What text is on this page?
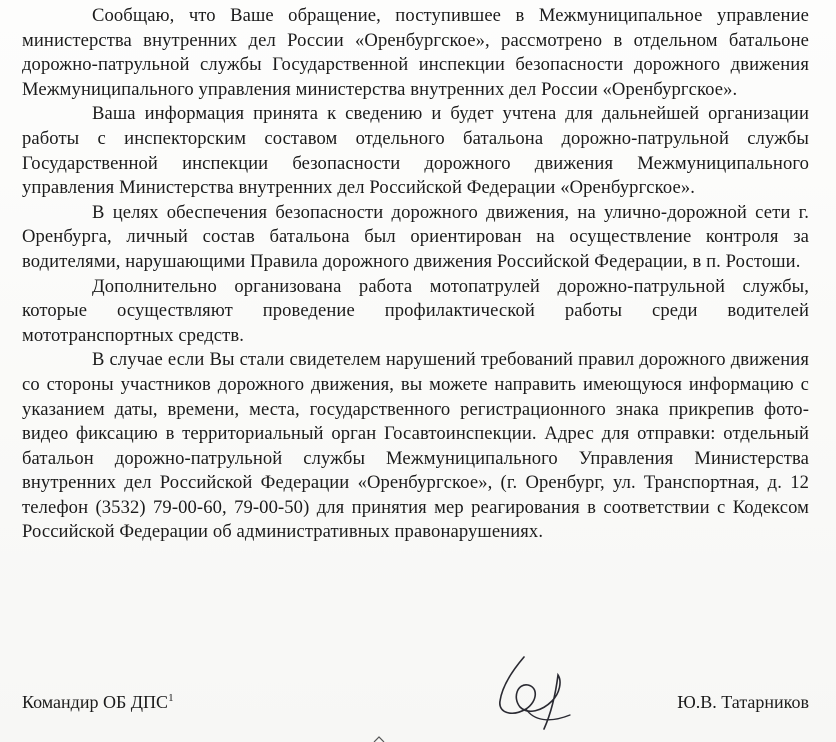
Сообщаю, что Ваше обращение, поступившее в Межмуниципальное управление министерства внутренних дел России «Оренбургское», рассмотрено в отдельном батальоне дорожно-патрульной службы Государственной инспекции безопасности дорожного движения Межмуниципального управления министерства внутренних дел России «Оренбургское».

Ваша информация принята к сведению и будет учтена для дальнейшей организации работы с инспекторским составом отдельного батальона дорожно-патрульной службы Государственной инспекции безопасности дорожного движения Межмуниципального управления Министерства внутренних дел Российской Федерации «Оренбургское».

В целях обеспечения безопасности дорожного движения, на улично-дорожной сети г. Оренбурга, личный состав батальона был ориентирован на осуществление контроля за водителями, нарушающими Правила дорожного движения Российской Федерации, в п. Ростоши.

Дополнительно организована работа мотопатрулей дорожно-патрульной службы, которые осуществляют проведение профилактической работы среди водителей мототранспортных средств.

В случае если Вы стали свидетелем нарушений требований правил дорожного движения со стороны участников дорожного движения, вы можете направить имеющуюся информацию с указанием даты, времени, места, государственного регистрационного знака прикрепив фото-видео фиксацию в территориальный орган Госавтоинспекции. Адрес для отправки: отдельный батальон дорожно-патрульной службы Межмуниципального Управления Министерства внутренних дел Российской Федерации «Оренбургское», (г. Оренбург, ул. Транспортная, д. 12 телефон (3532) 79-00-60, 79-00-50) для принятия мер реагирования в соответствии с Кодексом Российской Федерации об административных правонарушениях.

Командир ОБ ДПС$^1$	Ю.В. Татарников
